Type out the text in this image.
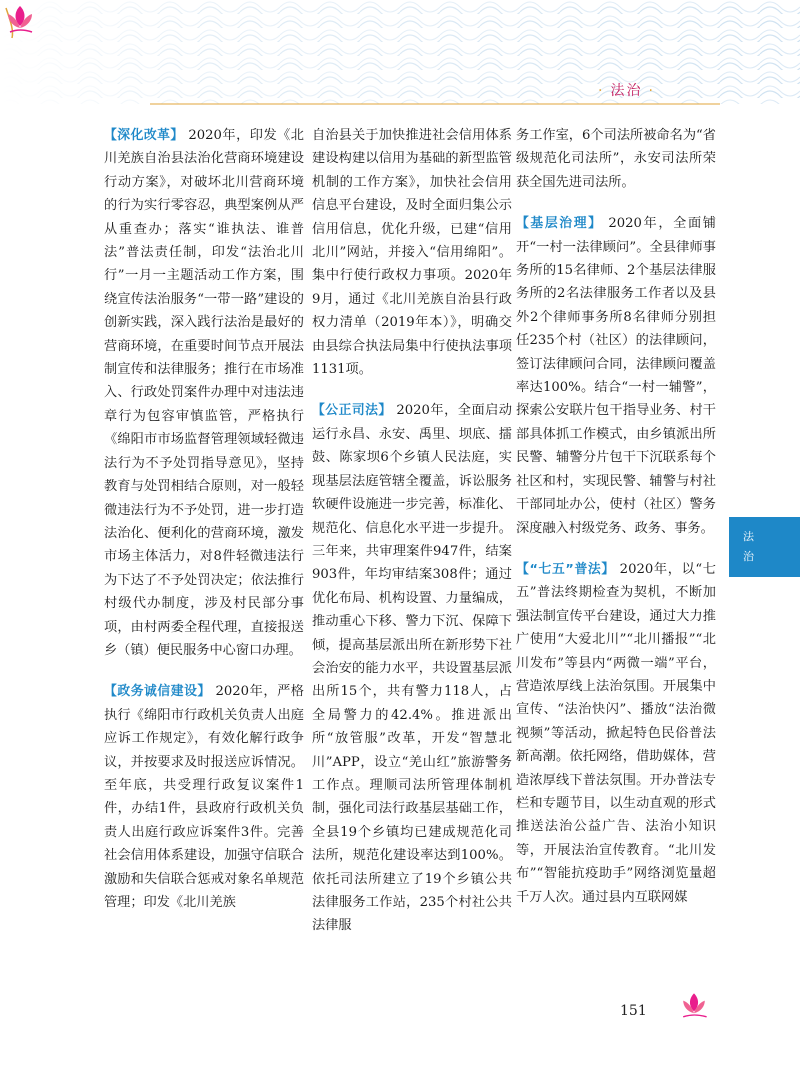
· 法治 ·

【深化改革】 2020年，印发《北川羌族自治县法治化营商环境建设行动方案》，对破坏北川营商环境的行为实行零容忍，典型案例从严从重查办；落实“谁执法、谁普法”普法责任制，印发“法治北川行”一月一主题活动工作方案，围绕宣传法治服务“一带一路”建设的创新实践，深入践行法治是最好的营商环境，在重要时间节点开展法制宣传和法律服务；推行在市场准入、行政处罚案件办理中对违法违章行为包容审慎监管，严格执行《绵阳市市场监督管理领域轻微违法行为不予处罚指导意见》，坚持教育与处罚相结合原则，对一般轻微违法行为不予处罚，进一步打造法治化、便利化的营商环境，激发市场主体活力，对8件轻微违法行为下达了不予处罚决定；依法推行村级代办制度，涉及村民部分事项，由村两委全程代理，直接报送乡（镇）便民服务中心窗口办理。

【政务诚信建设】 2020年，严格执行《绵阳市行政机关负责人出庭应诉工作规定》，有效化解行政争议，并按要求及时报送应诉情况。至年底，共受理行政复议案件1件，办结1件，县政府行政机关负责人出庭行政应诉案件3件。完善社会信用体系建设，加强守信联合激励和失信联合惩戒对象名单规范管理；印发《北川羌族

自治县关于加快推进社会信用体系建设构建以信用为基础的新型监管机制的工作方案》，加快社会信用信息平台建设，及时全面归集公示信用信息，优化升级，已建“信用北川”网站，并接入“信用绵阳”。集中行使行政权力事项。2020年9月，通过《北川羌族自治县行政权力清单（2019年本）》，明确交由县综合执法局集中行使执法事项1131项。

【公正司法】 2020年，全面启动运行永昌、永安、禹里、坝底、擂鼓、陈家坝6个乡镇人民法庭，实现基层法庭管辖全覆盖，诉讼服务软硬件设施进一步完善，标准化、规范化、信息化水平进一步提升。三年来，共审理案件947件，结案903件，年均审结案308件；通过优化布局、机构设置、力量编成，推动重心下移、警力下沉、保障下倾，提高基层派出所在新形势下社会治安的能力水平，共设置基层派出所15个，共有警力118人，占全局警力的42.4%。推进派出所“放管服”改革，开发“智慧北川”APP，设立“羌山红”旅游警务工作点。理顺司法所管理体制机制，强化司法行政基层基础工作，全县19个乡镇均已建成规范化司法所，规范化建设率达到100%。依托司法所建立了19个乡镇公共法律服务工作站，235个村社公共法律服

务工作室，6个司法所被命名为“省级规范化司法所”，永安司法所荣获全国先进司法所。

【基层治理】 2020年，全面铺开“一村一法律顾问”。全县律师事务所的15名律师、2个基层法律服务所的2名法律服务工作者以及县外2个律师事务所8名律师分别担任235个村（社区）的法律顾问，签订法律顾问合同，法律顾问覆盖率达100%。结合“一村一辅警”，探索公安联片包干指导业务、村干部具体抓工作模式，由乡镇派出所民警、辅警分片包干下沉联系每个社区和村，实现民警、辅警与村社干部同址办公，使村（社区）警务深度融入村级党务、政务、事务。

【“七五”普法】 2020年，以“七五”普法终期检查为契机，不断加强法制宣传平台建设，通过大力推广使用“大爱北川”“北川播报”“北川发布”等县内“两微一端”平台，营造浓厚线上法治氛围。开展集中宣传、“法治快闪”、播放“法治微视频”等活动，掀起特色民俗普法新高潮。依托网络，借助媒体，营造浓厚线下普法氛围。开办普法专栏和专题节目，以生动直观的形式推送法治公益广告、法治小知识等，开展法治宣传教育。“北川发布”“智能抗疫助手”网络浏览量超千万人次。通过县内互联网媒

法
治
151
